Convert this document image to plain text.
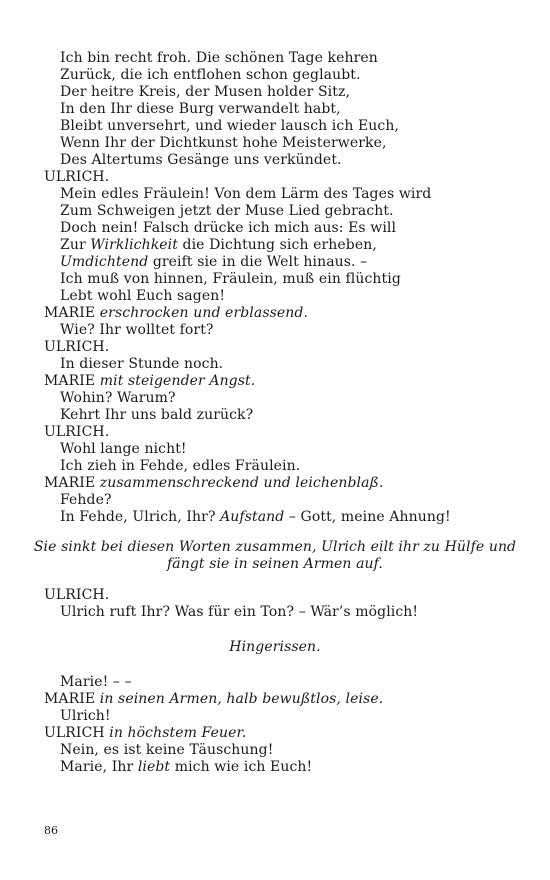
Ich bin recht froh. Die schönen Tage kehren
Zurück, die ich entflohen schon geglaubt.
Der heitre Kreis, der Musen holder Sitz,
In den Ihr diese Burg verwandelt habt,
Bleibt unversehrt, und wieder lausch ich Euch,
Wenn Ihr der Dichtkunst hohe Meisterwerke,
Des Altertums Gesänge uns verkündet.
ULRICH.
Mein edles Fräulein! Von dem Lärm des Tages wird
Zum Schweigen jetzt der Muse Lied gebracht.
Doch nein! Falsch drücke ich mich aus: Es will
Zur Wirklichkeit die Dichtung sich erheben,
Umdichtend greift sie in die Welt hinaus. –
Ich muß von hinnen, Fräulein, muß ein flüchtig
Lebt wohl Euch sagen!
MARIE erschrocken und erblassend.
Wie? Ihr wolltet fort?
ULRICH.
In dieser Stunde noch.
MARIE mit steigender Angst.
Wohin? Warum?
Kehrt Ihr uns bald zurück?
ULRICH.
Wohl lange nicht!
Ich zieh in Fehde, edles Fräulein.
MARIE zusammenschreckend und leichenblaß.
Fehde?
In Fehde, Ulrich, Ihr? Aufstand – Gott, meine Ahnung!
Sie sinkt bei diesen Worten zusammen, Ulrich eilt ihr zu Hülfe und
fängt sie in seinen Armen auf.
ULRICH.
Ulrich ruft Ihr? Was für ein Ton? – Wär’s möglich!
Hingerissen.
Marie! – –
MARIE in seinen Armen, halb bewußtlos, leise.
Ulrich!
ULRICH in höchstem Feuer.
Nein, es ist keine Täuschung!
Marie, Ihr liebt mich wie ich Euch!
86
